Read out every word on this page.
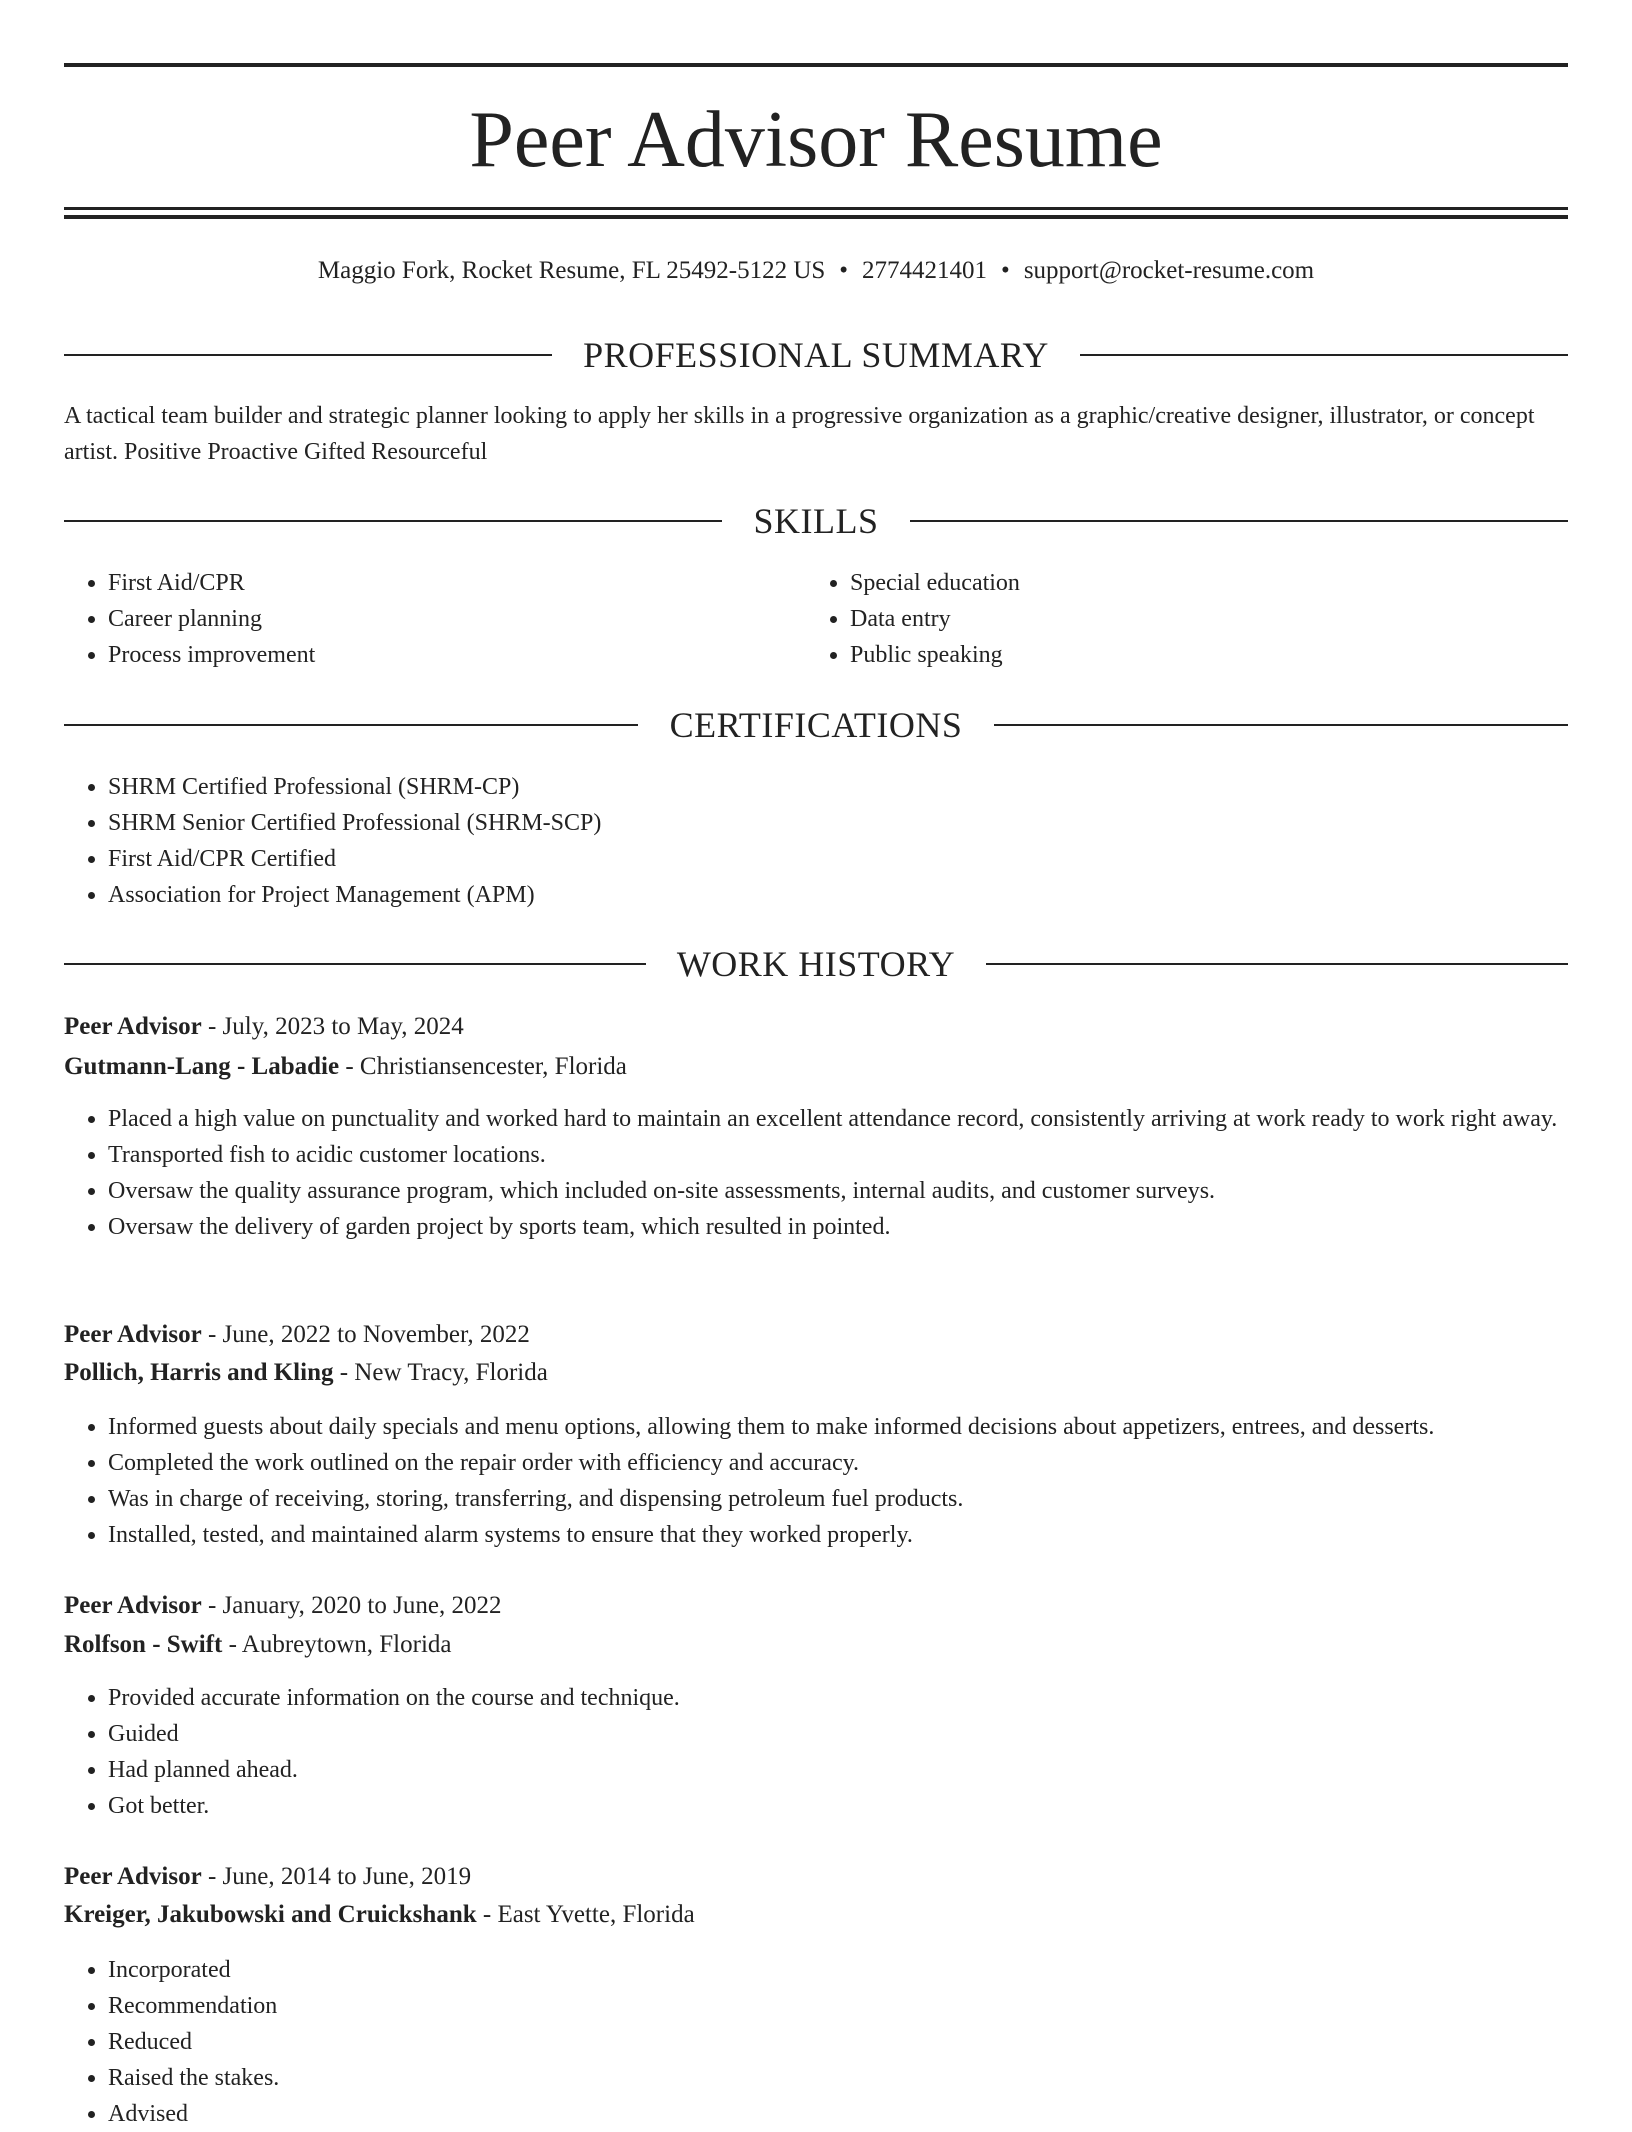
Peer Advisor Resume
Maggio Fork, Rocket Resume, FL 25492-5122 US • 2774421401 • support@rocket-resume.com
PROFESSIONAL SUMMARY

A tactical team builder and strategic planner looking to apply her skills in a progressive organization as a graphic/creative designer, illustrator, or concept artist. Positive Proactive Gifted Resourceful

SKILLS
• First Aid/CPR
• Career planning
• Process improvement
• Special education
• Data entry
• Public speaking
CERTIFICATIONS
• SHRM Certified Professional (SHRM-CP)
• SHRM Senior Certified Professional (SHRM-SCP)
• First Aid/CPR Certified
• Association for Project Management (APM)
WORK HISTORY
Peer Advisor - July, 2023 to May, 2024
Gutmann-Lang - Labadie - Christiansencester, Florida
• Placed a high value on punctuality and worked hard to maintain an excellent attendance record, consistently arriving at work ready to work right away.
• Transported fish to acidic customer locations.
• Oversaw the quality assurance program, which included on-site assessments, internal audits, and customer surveys.
• Oversaw the delivery of garden project by sports team, which resulted in pointed.
Peer Advisor - June, 2022 to November, 2022
Pollich, Harris and Kling - New Tracy, Florida
• Informed guests about daily specials and menu options, allowing them to make informed decisions about appetizers, entrees, and desserts.
• Completed the work outlined on the repair order with efficiency and accuracy.
• Was in charge of receiving, storing, transferring, and dispensing petroleum fuel products.
• Installed, tested, and maintained alarm systems to ensure that they worked properly.
Peer Advisor - January, 2020 to June, 2022
Rolfson - Swift - Aubreytown, Florida
• Provided accurate information on the course and technique.
• Guided
• Had planned ahead.
• Got better.
Peer Advisor - June, 2014 to June, 2019
Kreiger, Jakubowski and Cruickshank - East Yvette, Florida
• Incorporated
• Recommendation
• Reduced
• Raised the stakes.
• Advised
